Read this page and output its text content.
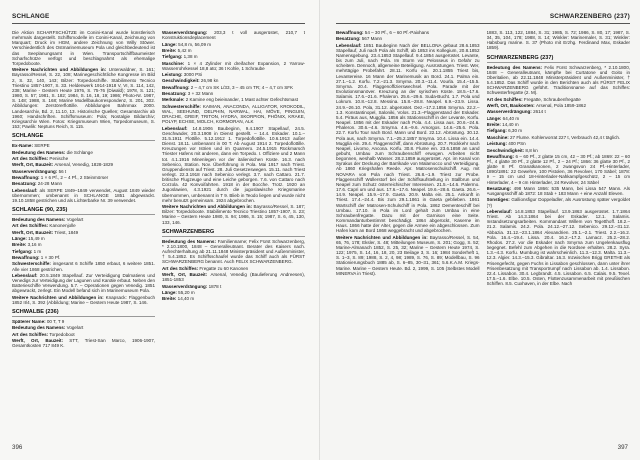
SCHLANGE

Die Aktion SCHARFSCHÜTZE im Conini-Kanal wurde künstlerisch mehrmals dargestellt. Schiffsmodelle im Conini-Kanal, Zeichnung von Marquart; Druck im HGM, andere Zeichnung von Willy Stöwer. Verschiedentlich des Ostmarinemuseum Pola und gleichbedeutend ist das Seeplanungsamt in Wien. Transportschiffbaumeister Scharfschütze verfügt und beschlagnahmt als ehemalige Torpedoboote.

Weitere Nachrichten und Abbildungen in: Unterwaldner, S. 161; Bayrasso/Ressel, S. 22, 108; Marinegeschichtliche Kongresse im Bild 2, S. 32, 140, 143; Bilzer: Torpedoschiffe. Stabilimento Tecnico Triestino 1857-1907, S. 33. Heldenwerk 1914-1918 V, VI, S. 114, 142, 238; Marine - Gestern Heute 1976, S. 75-76 (Diwald); 1978, S. 121; 1980, S. 57; 1981, S. 182; 1984, S. 16, 18, 19; 1986; Photo-Nr. 1987, S. 148; 1988, S. 168; Marine Modellbaukorrespondenz, S. 201, 302. Abbildungen: Zerstörerflottille. Abbildungen Bahnmax 2000. Landesarchiv, Bd. 2, 11.10, 13. Historische Quellen; Gesamtarchiv ab 1960; Handschriften. Schiffsmuseum: Pola; Nostalgie Bildarchiv; Kriegsarchiv Wien. Fotos: Kriegsmuseum Wien, Torpedomuseum, S. 153; Pawlik: Neptuns Reich, S. 115.

SCHLANGE

Ex-Name: SERPE

Bedeutung des Namens: die Schlange

Art des Schiffes: Penische

Werft, Ort, Bauzeit: Arsenal, Venedig, 1828-1829

Wasserverdrängung: 56 t

Bewaffnung: 1 × 6 Pf., 2 – 4 Pf., 2 Steinmörser

Besatzung: 24-28 Mann

Lebenslauf: als SERPE 1849–1849 verwendet, August 1849 wieder übernommen; umbenannt in SCHLANGE 1851 abgewrackt. 19.10.1858 gestrichen und als Lichterbarke Nr. 39 verwendet.

SCHLANGE (90, 235)

Bedeutung des Namens: Vogelart

Art des Schiffes: Kanonenjolle

Werft, Ort, Bauzeit: Triest, 1849

Länge: 15,49 m

Breite: 3,16 m

Tiefgang: 1 m

Bewaffnung: 1 × 30 Pf.

Schwesterschiffe: insgesamt 6 Schiffe 1850 erbaut, 6 weitere 1851. Alle vier 1868 gestrichen.

Lebenslauf: 20.5.1849 Stapellauf. Zur Verteidigung Dalmatiens und Venedigs zur Verteidigung der Lagunen und Kanäle erbaut. Neben den Batterieschiffe Verwendung. 5.7. – Operationen gegen Venedig. 1851 abgewrackt, zerlegt. Ein Modell befand sich im Marinemuseum Pola.

Weitere Nachrichten und Abbildungen in: Knapsack: Flaggenbuch 1852 II/4, S. 392 (Abbildung; Marine – Gestern Heute 1987, S. 146.

SCHWALBE (236)

Späterer Name: 00 T, T 9

Bedeutung des Namens: Vogelart

Art des Schiffes: Torpedoboot

Werft, Ort, Bauzeit: STT, Triest-San Marco, 1906-1907, Gesamtkosten 717 849 K.

Wasserverdrängung: 203,3 t voll ausgerüstet, 210,7 t Konstruktionsdeplacement

Länge: 54,8 m, 56,09 m

Breite: 5,42 m

Tiefgang: 1,38 m

Maschine: 1 × 4 Zylinder mit dreifacher Expansion, 2 Yarrow-Wasserrohrkessel 18,8 atü; 36 t Kohle, 1 Schraube

Leistung: 3000 PSi

Geschwindigkeit: 26,98 kn

Bewaffnung: 2 – 4,7 cm SK L/33, 3 – 45 cm TR; 4 – 4,7 cm SFK

Besatzung: 3 + 32 Mann

Merkmale: 2 Kamine eng beieinander, 1 Mast achter Gefechtsmast

Schwesterschiffe: KAIMAN, ANACONDA, ALLIGATOR, KROKODIL, WAL, SEEHUND, DELPHIN, NARWAL, HAI, MÖVE, PINGUIN, DRACHE, GREIF, TRITON, HYDRA, SKORPION, PHÖNIX, KRAKE, POLYP, ECHSE, MOLCH, KORMORAN, ALK

Lebenslauf: 14.8.1906 Baubeginn, 9.4.1907 Stapellauf, 24.5. Geschwader, 20.3.1908 in Dienst gestellt. – 14.4. Eskader. 10.1.–31.5.1911 Flottille. 5.12.1912 1. Torpedoflottille. 10.6.1913 außer Dienst. 18.11. umbenannt in 00 T. Ab August 1914 2. Torpedoflottille. Kreuzungen vor Istrien und im Quarnero. 24.5.1915 Rückmarsch Triester Hafens mit anderen, dann ein Torpedo. I. Offiziere und 2 Mann tot. 4.1.1916 Minenlegen vor der italienischen Küste. 16.3. nach Sebenico, Station. Nov. Überführung in Pola. Mai 1917 nach Triest. Gruppendiensts auf Triest. 28. Juli Gesetzeswegen. 15.11. nach Triest verlegt. 22.3.1918 nach Sebenico verlegt. 3.7. nach Cattaro. 21.7. britische Flugzeuge und eine Leiche geborgen. 7.6. von Cattaro nach Corzola. 42 Konvoifahrten. 1918 in der Bocche. Trotz. 1920 an Jugoslawien, 4.3.1921 durch die jugoslawische Kriegsmarine übernommen, umbenannt in T 9. Blieb in Teodo liegen und wurde nicht mehr benutzt gemeinsam. 1924 abgebrochen.

Weitere Nachrichten und Abbildungen in: Bayrasso/Ressel, S. 187; Bilzer: Torpedoboote. Stabilimento Tecnico Triestino 1857-1907, S. 23; Marine – Gestern Heute 1980, S. 94; 1986, S. 15; 1987, S. 6, 45, 130, 133, 146.

SCHWARZENBERG

Bedeutung des Namens: Familienname; Felix Fürst Schwarzenberg, * 2.10.1800, 1848 – Generalleutnant. Berater des Kaisers nach. Aufrechterhaltung ab 21.11.1848 Ministerpräsident und Außenminister, † 5.4.1852. Es Schiffsschaufel wurde das Schiff auch als FÜRST SCHWARZENBERG benannt. Auch FELIX SCHWARZENBERG.

Art des Schiffes: Fregatte zu 60 Kanonen

Werft, Ort, Bauzeit: Arsenal, Venedig (Baulieferung Andreesen), 1851-1853

Wasserverdrängung: 1878 t

Länge: 55,20 m

Breite: 14,40 m

396
SCHWARZENBERG (237)

Bewaffnung: 54 – 30 Pf., 6 – 60 Pf.-Paixhans

Besatzung: 567 Mann

Lebenslauf: 1851 Baubeginn Nach der BELLONA gebaut 28.6.1853 Stapellauf, Juli nach Pola als Schiff, ab 1853 ins Kollegium, 20.8.1852 Namensgebung. 23.4.1853 Stapellauf. 9.4.1854 ausgerüstet. Levante, bis zum Juli, nach Pola. Im Sturm vor Pelosseus in Gefahr zu scheitern. Dennoch, allgemeine Beteiligung. Ausrüstungen. Triest. Wer, mehrtägige Probefahrt. 28.11. Korfu ein. 20.1.1855 Triest bis, Levantereise. 16 Mann der Marinemusik an Bord. 24.1. Palma ein. 27.1.–1.2. Korfu. 7.2.–21.3. Smyrna. 20.3.–11.4. Vourla. 15.4.–15.5. Smyrna. 20.4. Flaggenoffizierswechsel. Pola. Parade mit der Evolutionsmanöver. Kreuzung an der syrischen Küste. 18.5.–17.6. Salamis. 17.6.–21.6. Phaleron. 25.6.–29.6. Suda-Bucht. 1.7. Pola und Lokrum. 10.8.–12.8. Messina. 15.8.–28.8. Neapel. 6.9.–23.9. Lissa. 24.9.–26.10. Pola, 31.12. abgerüstet. Dez.–17.2.1856 Smyrna. 22.2.–1.3. Konstantinopel, Saloniki, Volos. 21.3.–Flaggenstand der Eskader. 5.4. Piräus aus, Mugglia. 1856 als Stationsschiff in der Levante, Korfu. Neapel. 1856 mit der Eskader nach Pola. 4.4. Lissa aus. 20.6.–24.6. Phaleron. 30.6.–4.6. Smyrna. 4.6.–9.6. Amorgos. 14.6.–25.6. Pola. 22.7. Korfu Tour nach Bord. Mann und Bord. 22.12. Abrüstung. 30.12. Pola aus, nach Smyrna. 7.1.–25.2.1857 Smyrna. 10.4. Lissa ein. 14.4. Mugglia ein. 29.4. Flaggenschiff, dann Abrüstung. 20.7. Rückkehr nach Neapel, Livorno, Ancona. Korfu. 30.8. Flume ein. 23.6.1858 an Land gebuht, Umbau zum Schraubenschiff erwogen. Arbeiten nicht begonnen, weshalb Wasser. 28.2.1859 ausgerüstet. Apr. im Kanal von Syrakus der Deckung der Barrikade von Malamocco und Verteidigung. Ab 1860 Kriegshafen Reede. Apr. Matrosenschulschiff. Aug. mit NOVARA von Pola nach Triest. 26.8.–1.9. Triest zur Probe. Flaggenschiff Wüllerstorf bei der Schiffsaufstellung in Stallbrun und Neapel zum Schutz österreichischer Interessen. 21.5.–14.6. Palermo. 17.6. Capri um und aus. 17.6.–17.6. Neapel. 19.6.–28.6. Gaeta. 26.6.–14.9. Neapel. 15.9.–17.9. Gaeta. 20.9. Malta ein. 25.1. Ankunft in Triest. 17.4.–24.4. Bis zum 29.1.1861 in Gaeta geblieben. 1861 Wartschiff der Matrosen-Schulschiff in Pola. 1862 Dementeschiff bei Umbau. 17.10. in Pola im Lord gehalt zum Umbau in eine Schraubenfregatte. Dazu mit der Garnison eine Seite. Kommandanturbestimmt beschädigt. 1864 abgerückt, Kaserne im Haus. 1866 hatte der Alter, gegen die Armee ein abgeschlossen. Zum Hafen kam an Bord 1868 weggebracht und abgebrochen.

Weitere Nachrichten und Abbildungen in: Bayrasso/Ressel, S. 54, 65, 76, 178; Eksler, S. 48; Mitteilungen Museum, S. 201; Gogg, S. 52; Marine-Almanach 1852, S. 25, 32; Marine – Gestern Heute 1974, S. 122; 1975, S. 14, 16, 18, 20, 23 Beilage 3, S. 16; 1984 Sonderheft 1, S. 1–3, S. 89; 1988, S. 2, 4, 98; 1989, S. 76, S. 89; Modellbau, S. 96 Stationierungsbuch 1885 ab, S. 6–85, 30–31, 361; 5.6.K.A.M. Kriegs-Marine. Marine – Gestern Heute. Bd. 2, 1999, S. 105 (Selbstes Modell MINERVA in Triest).

1883, S. 113, 122, 1884, S. 31; 1985, S. 72; 1986, S. 80, 17; 1987, S. 34, 35, 104, 178; 1988, S. 14; Winkler: Marinemaler, S. 31; Winkler: Habsburg marine. S. 37 (Photo mit Erzhg. Ferdinand Max, Eskader 1859).

SCHWARZENBERG (237)

Bedeutung des Namens: Felix Fürst Schwarzenberg, * 2.10.1800, 1848 – Generalleutnant, kämpfte bei Curtatone und Goito in Oberitalien, ab 22.11.1848 Ministerpräsident und Außenminister, † 5.4.1852. Das Schiff wurde in den Berichten auch als FÜRST FELIX SCHWARZENBERG geführt. Traditionsname auf das Schiffes: Schwesterfregatte (2. M).

Art des Schiffes: Fregatte, Schraubenfregatte

Werft, Ort, Baukosten: Arsenal, Pola 1859-1862

Wasserverdrängung: 2614 t

Länge: 64,40 m

Breite: 14,40 m

Tiefgang: 6,30 m

Maschine: 27 Flume. Kohlenvorrat 227 t, Verbrauch 42,4 t täglich.

Leistung: 400 PSn

Geschwindigkeit: 8,8 kn

Bewaffnung: 6 – 60 Pf., 2 glatte 15 cm, 42 – 30 Pf.; ab 1869: 22 – 60 Pf., 4 glatte 30 Pf., 2 glatte 12 Pf., 2 – 24 Pf.; 1866: 36 glatte 30 Pf., 2 glatte 8 Pf. Granatkanonen, 2 zwangsvon 24 Pf.-Hinterlader, 1890/1891: 22 Gewehre, 100 Pistolen, 36 Revolver, 170 Säbel; 1878: 9 – 15 cm und 18-Hinterlader-Nahkampfgeschütz, 2 – 15 cm Hinterlader, 4 – 9 cm Hinterlader, 24 Revolver, 24 Säbel

Besatzung: 498 Mann 1866: 535 Mann, bei Lissa 547 Mann. Als Ausgangsschiff ab 1872: 18 Stab + 183 Mann + eine Anzahl Eleven.

Sonstiges: Gallionsfigur Doppeladler, als Ausrüstung später vergoldet (?)

Lebenslauf: 14.8.1853 Stapellauf. 13.9.1863 ausgerüstet. 1.7.1864 Triest. Ab 14.3.1864 bei der Eskader. 12.1. Salamis. Instandsetzungsarbeiten. Kommandant Willem von Tegetthoff. 18.2.–21.2. Salamis. 24.2. Pola. 24.12.–27.12. Sebenico. 29.12.–31.12. Abbazia. 31.12.–23.1.1864 Alexandrien. 25.1.–2.1. Triest. 2.2.–16.2. Pola. 16.4.–19.4. Lissa. 20.4. 16.2.–17.2. Lamacz. 25.2.–28.2. Rhodos. 27.2. vor die Eskader nach Smyrna zum Ungelenkausflug begegnet. Befehl zum Abgehen in die Nordsee erhalten. 28.2. Syra. 1.3.–4.3. Korfu. Mumburg ist wahrscheinlich. 11.3.–12.3. Malta. 11.3.–12.3. Algier. 14.3.–15.3. Gibraltar. 16.3. Inzwischen Brigg GRETHE als Prisengefecht, gegen Fuchs in Lissabon geschlossen, dann unter ihrer Prisenbesatzung mit Transportrumpf nach Lissabon ab. 1.4. Lissabon. 22.4. Lissabon. 30.4. Legbrandt. 4.5. Lissabon. 6.5. Calais. 9.5. Texel. 17.5.–1.6. Elbe. 10.5. Osten, Flottenzusammenarbeit mit preußischen Schiffen. 8.5. Cuxhaven, in der Elbe. Nach

397
